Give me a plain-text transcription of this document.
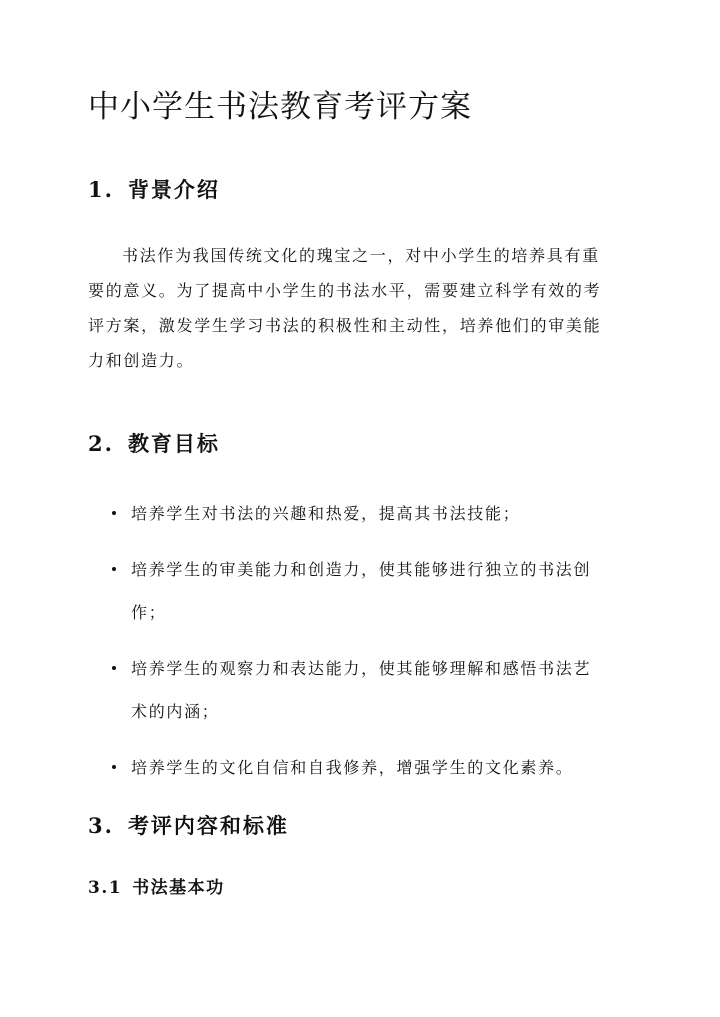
中小学生书法教育考评方案
1. 背景介绍

书法作为我国传统文化的瑰宝之一，对中小学生的培养具有重
要的意义。为了提高中小学生的书法水平，需要建立科学有效的考
评方案，激发学生学习书法的积极性和主动性，培养他们的审美能
力和创造力。

2. 教育目标
培养学生对书法的兴趣和热爱，提高其书法技能；
培养学生的审美能力和创造力，使其能够进行独立的书法创
作；
培养学生的观察力和表达能力，使其能够理解和感悟书法艺
术的内涵；
培养学生的文化自信和自我修养，增强学生的文化素养。
3. 考评内容和标准
3.1 书法基本功
